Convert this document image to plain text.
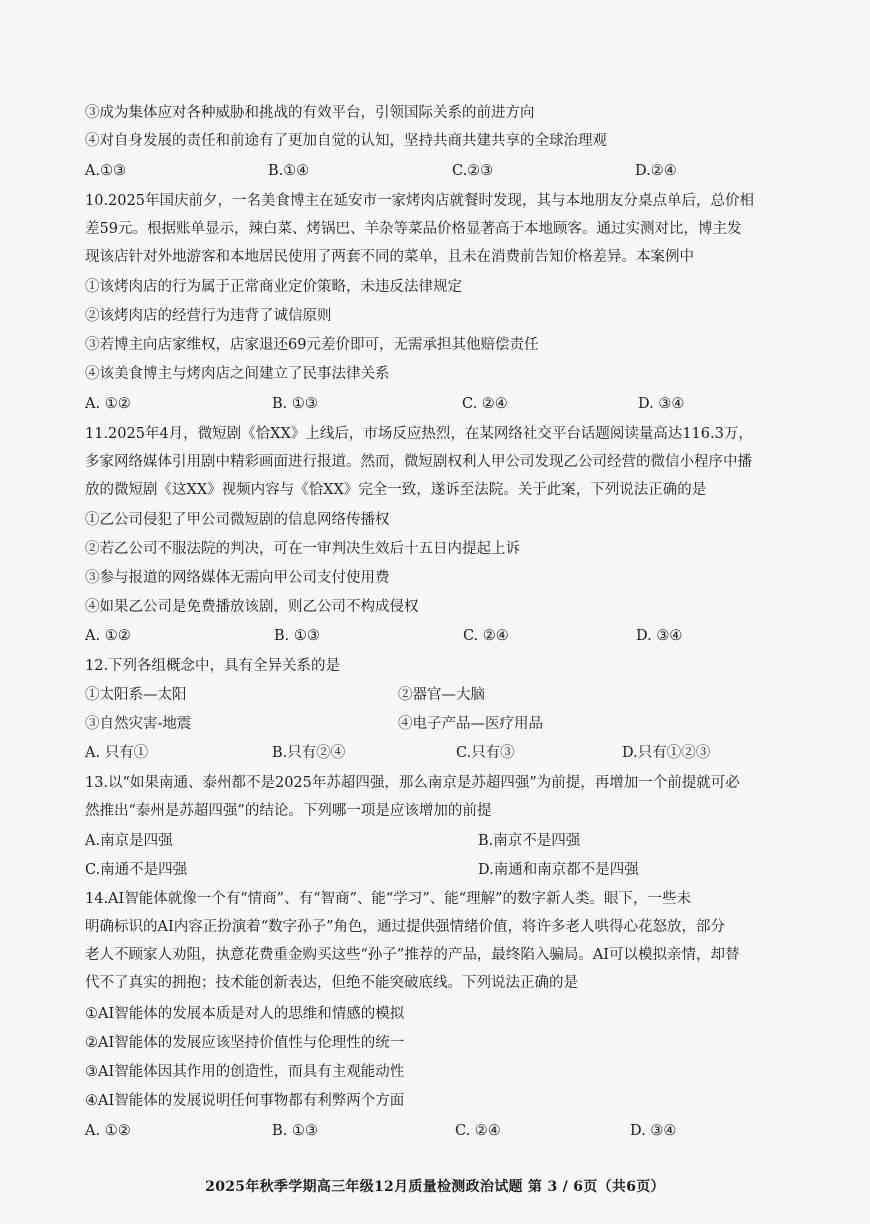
③成为集体应对各种威胁和挑战的有效平台，引领国际关系的前进方向
④对自身发展的责任和前途有了更加自觉的认知，坚持共商共建共享的全球治理观
A.①③	B.①④	C.②③	D.②④
10.2025年国庆前夕，一名美食博主在延安市一家烤肉店就餐时发现，其与本地朋友分桌点单后，总价相
差59元。根据账单显示，辣白菜、烤锅巴、羊杂等菜品价格显著高于本地顾客。通过实测对比，博主发
现该店针对外地游客和本地居民使用了两套不同的菜单，且未在消费前告知价格差异。本案例中
①该烤肉店的行为属于正常商业定价策略，未违反法律规定
②该烤肉店的经营行为违背了诚信原则
③若博主向店家维权，店家退还69元差价即可，无需承担其他赔偿责任
④该美食博主与烤肉店之间建立了民事法律关系
A. ①②	B. ①③	C. ②④	D. ③④
11.2025年4月，微短剧《恰XX》上线后，市场反应热烈，在某网络社交平台话题阅读量高达116.3万，
多家网络媒体引用剧中精彩画面进行报道。然而，微短剧权利人甲公司发现乙公司经营的微信小程序中播
放的微短剧《这XX》视频内容与《恰XX》完全一致，遂诉至法院。关于此案，下列说法正确的是
①乙公司侵犯了甲公司微短剧的信息网络传播权
②若乙公司不服法院的判决，可在一审判决生效后十五日内提起上诉
③参与报道的网络媒体无需向甲公司支付使用费
④如果乙公司是免费播放该剧，则乙公司不构成侵权
A. ①②	B. ①③	C. ②④	D. ③④
12.下列各组概念中，具有全异关系的是
①太阳系—太阳	②器官—大脑
③自然灾害-地震	④电子产品—医疗用品
A. 只有①	B.只有②④	C.只有③	D.只有①②③
13.以“如果南通、泰州都不是2025年苏超四强，那么南京是苏超四强”为前提，再增加一个前提就可必
然推出“泰州是苏超四强”的结论。下列哪一项是应该增加的前提
A.南京是四强	B.南京不是四强
C.南通不是四强	D.南通和南京都不是四强
14.AI智能体就像一个有“情商”、有“智商”、能“学习”、能“理解”的数字新人类。眼下，一些未
明确标识的AI内容正扮演着“数字孙子”角色，通过提供强情绪价值，将许多老人哄得心花怒放，部分
老人不顾家人劝阻，执意花费重金购买这些“孙子”推荐的产品，最终陷入骗局。AI可以模拟亲情，却替
代不了真实的拥抱；技术能创新表达，但绝不能突破底线。下列说法正确的是
①AI智能体的发展本质是对人的思维和情感的模拟
②AI智能体的发展应该坚持价值性与伦理性的统一
③AI智能体因其作用的创造性，而具有主观能动性
④AI智能体的发展说明任何事物都有利弊两个方面
A. ①②	B. ①③	C. ②④	D. ③④
2025年秋季学期高三年级12月质量检测政治试题 第 3 / 6页（共6页）
